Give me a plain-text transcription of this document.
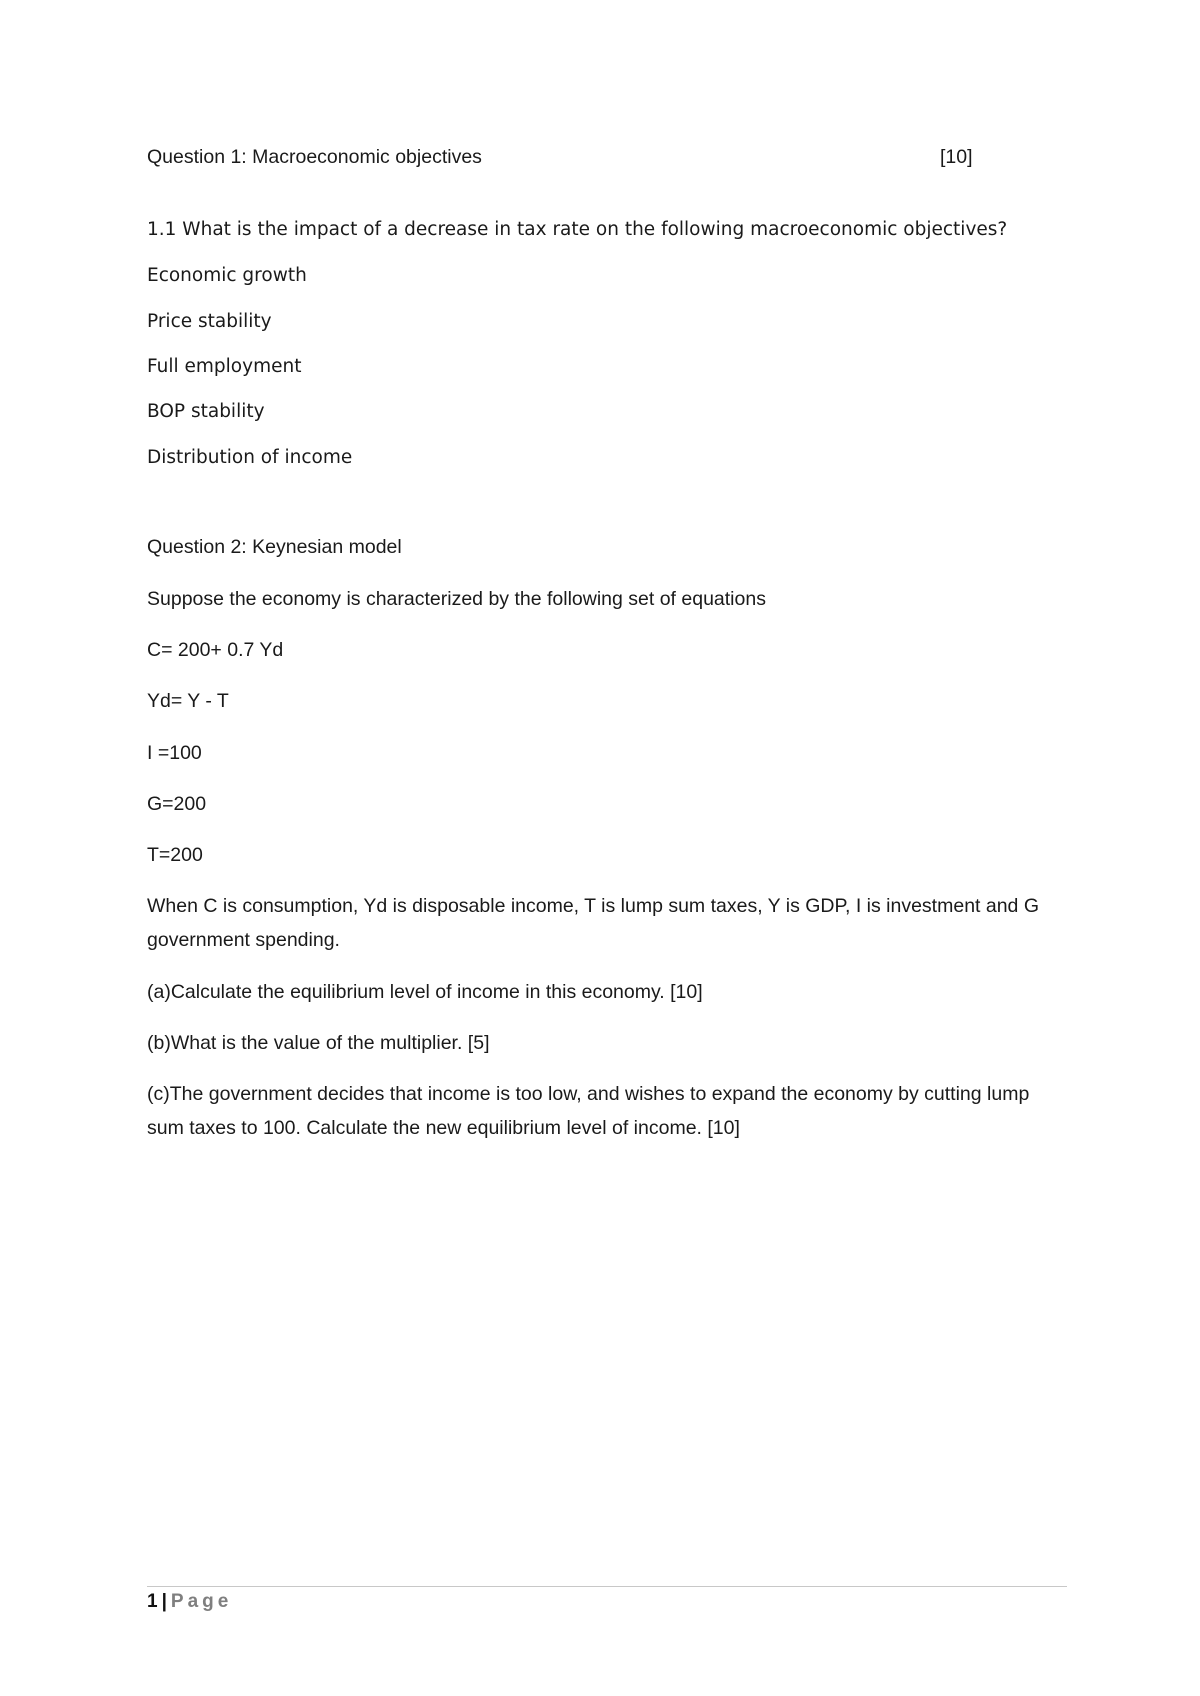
Question 1: Macroeconomic objectives	[10]
1.1 What is the impact of a decrease in tax rate on the following macroeconomic objectives?
Economic growth
Price stability
Full employment
BOP stability
Distribution of income
Question 2: Keynesian model
Suppose the economy is characterized by the following set of equations
C= 200+ 0.7 Yd
Yd= Y - T
I =100
G=200
T=200
When C is consumption, Yd is disposable income, T is lump sum taxes, Y is GDP, I is investment and G government spending.
(a)Calculate the equilibrium level of income in this economy. [10]
(b)What is the value of the multiplier. [5]
(c)The government decides that income is too low, and wishes to expand the economy by cutting lump sum taxes to 100. Calculate the new equilibrium level of income. [10]
1 | Page
